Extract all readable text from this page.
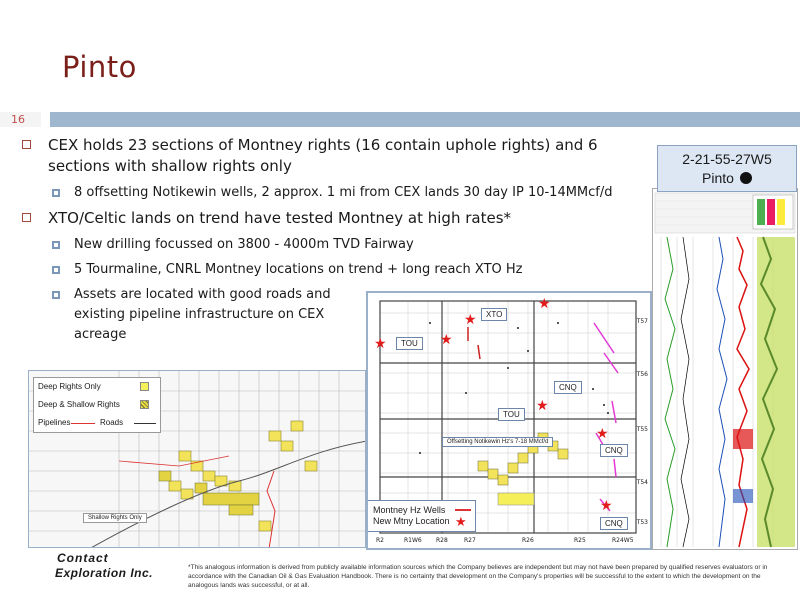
Pinto
16
CEX holds 23 sections of Montney rights (16 contain uphole rights) and 6 sections with shallow rights only
8 offsetting Notikewin wells, 2 approx. 1 mi from CEX lands 30 day IP 10-14MMcf/d
XTO/Celtic lands on trend have tested Montney at high rates*
New drilling focussed on 3800 - 4000m TVD Fairway
5 Tourmaline, CNRL Montney locations on trend + long reach XTO Hz
Assets are located with good roads and existing pipeline infrastructure on CEX acreage
Deep Rights Only
Deep & Shallow Rights
Pipelines	Roads
Shallow Rights Only
★
★
★	★
★
★
★
XTO
TOU
CNQ
TOU
CNQ
CNQ
Offsetting Notikewin Hz's 7-18 MMcf/d
Montney Hz Wells
New Mtny Location ★
T57
T56
T55
T54
T53
R2	R1W6 R28	R27	R26	R25	R24W5
2-21-55-27W5
Pinto
Contact
Exploration Inc.	*This analogous information is derived from publicly available information sources which the Company believes are independent but may not have been prepared by qualified reserves evaluators or in accordance with the Canadian Oil & Gas Evaluation Handbook. There is no certainty that development on the Company's properties will be successful to the extent to which the development on the analogous lands was successful, or at all.
